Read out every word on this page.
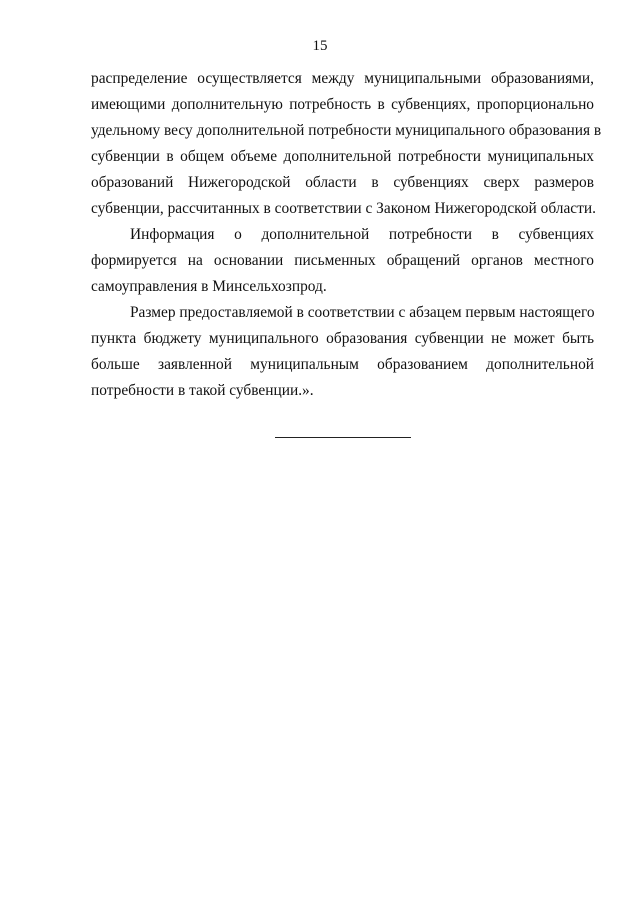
15
распределение осуществляется между муниципальными образованиями,
имеющими дополнительную потребность в субвенциях, пропорционально
удельному весу дополнительной потребности муниципального образования в
субвенции в общем объеме дополнительной потребности муниципальных
образований Нижегородской области в субвенциях сверх размеров
субвенции, рассчитанных в соответствии с Законом Нижегородской области.
Информация о дополнительной потребности в субвенциях
формируется на основании письменных обращений органов местного
самоуправления в Минсельхозпрод.
Размер предоставляемой в соответствии с абзацем первым настоящего
пункта бюджету муниципального образования субвенции не может быть
больше заявленной муниципальным образованием дополнительной
потребности в такой субвенции.».
